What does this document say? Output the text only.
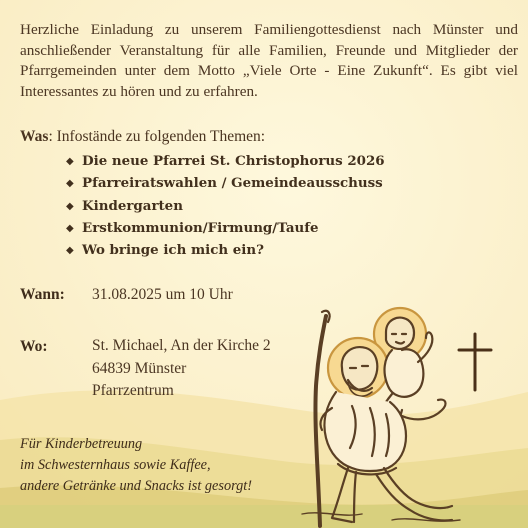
Herzliche Einladung zu unserem Familiengottesdienst nach Münster und anschließender Veranstaltung für alle Familien, Freunde und Mitglieder der Pfarrgemeinden unter dem Motto „Viele Orte - Eine Zukunft“. Es gibt viel Interessantes zu hören und zu erfahren.

Was: Infostände zu folgenden Themen:
◆ Die neue Pfarrei St. Christophorus 2026
◆ Pfarreiratswahlen / Gemeindeausschuss
◆ Kindergarten
◆ Erstkommunion/Firmung/Taufe
◆ Wo bringe ich mich ein?
Wann: 31.08.2025 um 10 Uhr
Wo:	St. Michael, An der Kirche 2
64839 Münster
Pfarrzentrum
Für Kinderbetreuung
im Schwesternhaus sowie Kaffee,
andere Getränke und Snacks ist gesorgt!
